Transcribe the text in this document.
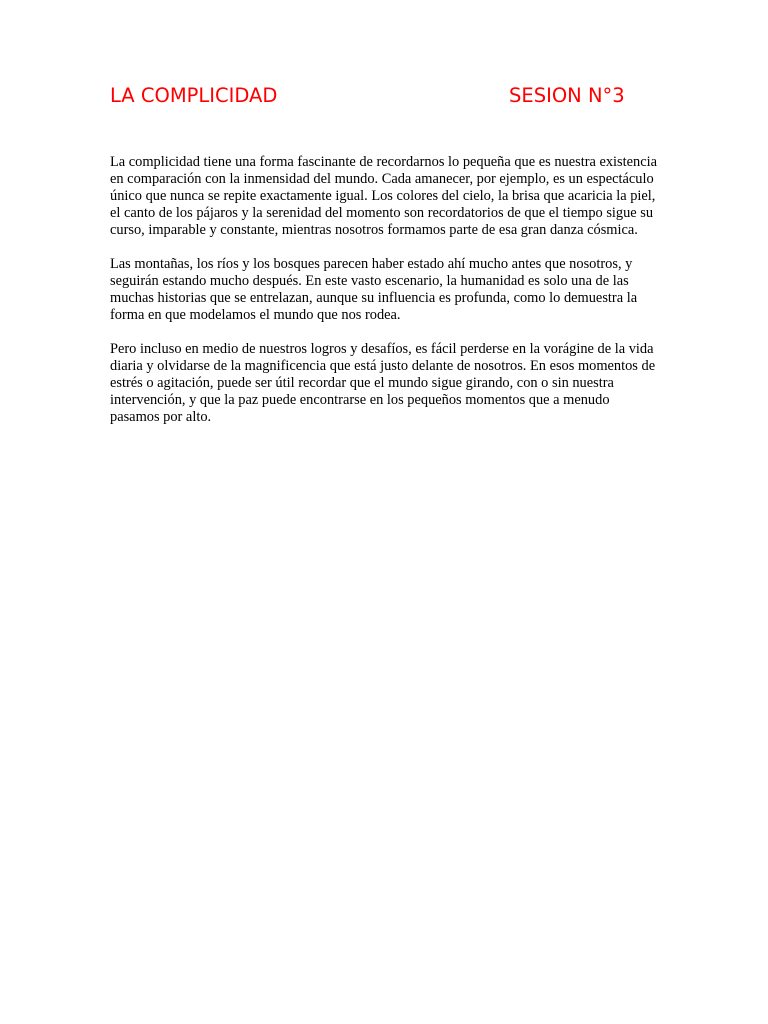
LA COMPLICIDAD	SESION N°3

La complicidad tiene una forma fascinante de recordarnos lo pequeña que es nuestra existencia en comparación con la inmensidad del mundo. Cada amanecer, por ejemplo, es un espectáculo único que nunca se repite exactamente igual. Los colores del cielo, la brisa que acaricia la piel, el canto de los pájaros y la serenidad del momento son recordatorios de que el tiempo sigue su curso, imparable y constante, mientras nosotros formamos parte de esa gran danza cósmica.

Las montañas, los ríos y los bosques parecen haber estado ahí mucho antes que nosotros, y seguirán estando mucho después. En este vasto escenario, la humanidad es solo una de las muchas historias que se entrelazan, aunque su influencia es profunda, como lo demuestra la forma en que modelamos el mundo que nos rodea.

Pero incluso en medio de nuestros logros y desafíos, es fácil perderse en la vorágine de la vida diaria y olvidarse de la magnificencia que está justo delante de nosotros. En esos momentos de estrés o agitación, puede ser útil recordar que el mundo sigue girando, con o sin nuestra intervención, y que la paz puede encontrarse en los pequeños momentos que a menudo pasamos por alto.
